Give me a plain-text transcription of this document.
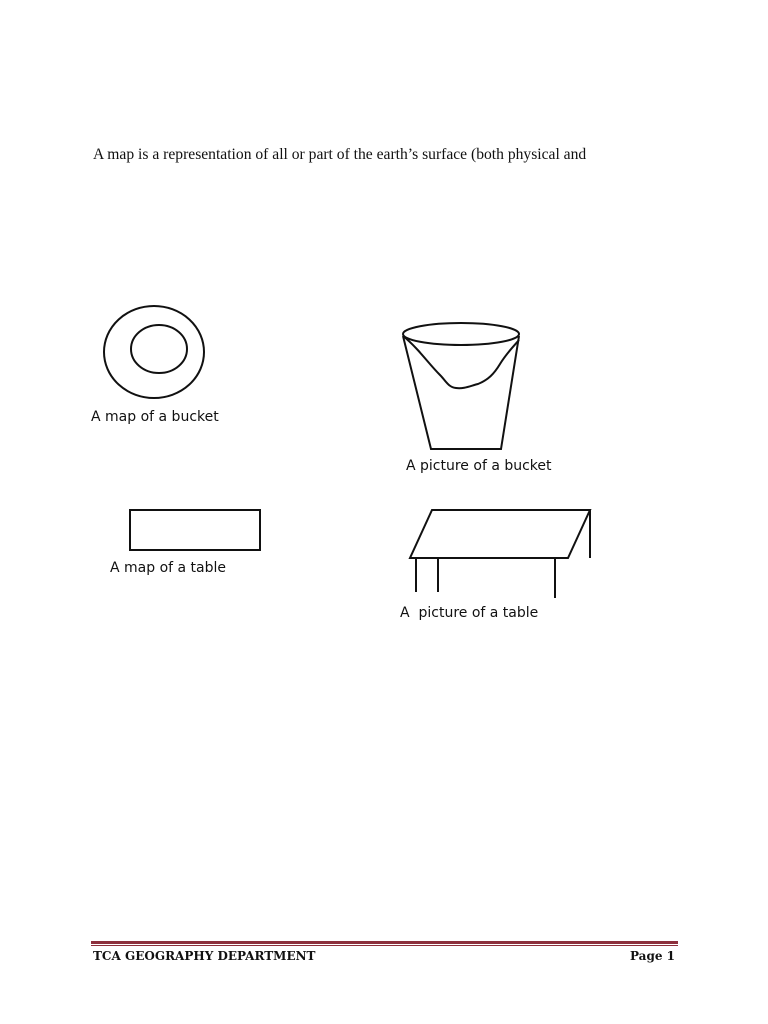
A map is a representation of all or part of the earth’s surface (both physical and
A map of a bucket
A picture of a bucket
A map of a table
A  picture of a table
TCA GEOGRAPHY DEPARTMENT	Page 1
